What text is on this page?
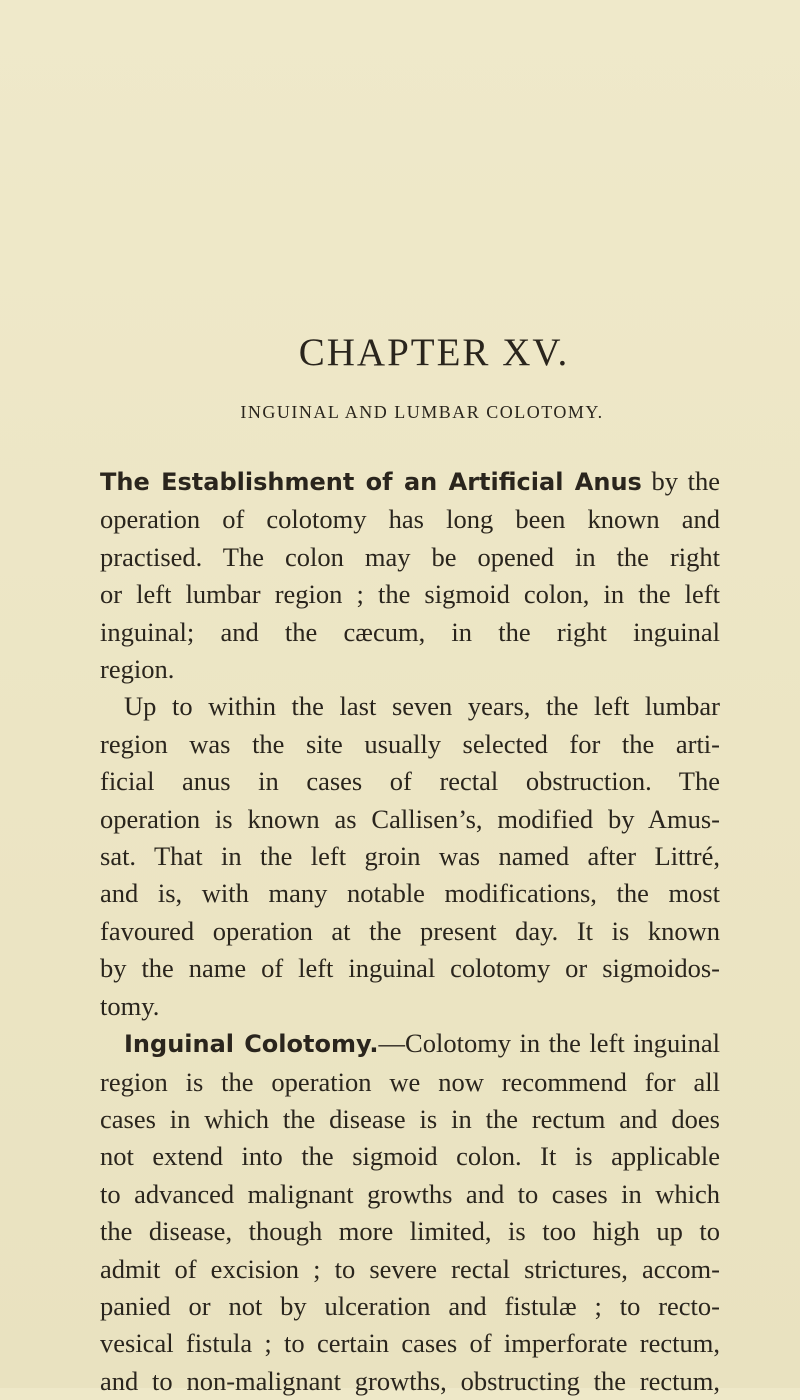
CHAPTER XV.
INGUINAL AND LUMBAR COLOTOMY.
The Establishment of an Artificial Anus by the
operation of colotomy has long been known and
practised. The colon may be opened in the right
or left lumbar region ; the sigmoid colon, in the left
inguinal; and the cæcum, in the right inguinal
region.
Up to within the last seven years, the left lumbar
region was the site usually selected for the arti-
ficial anus in cases of rectal obstruction. The
operation is known as Callisen’s, modified by Amus-
sat. That in the left groin was named after Littré,
and is, with many notable modifications, the most
favoured operation at the present day. It is known
by the name of left inguinal colotomy or sigmoidos-
tomy.
Inguinal Colotomy.—Colotomy in the left inguinal
region is the operation we now recommend for all
cases in which the disease is in the rectum and does
not extend into the sigmoid colon. It is applicable
to advanced malignant growths and to cases in which
the disease, though more limited, is too high up to
admit of excision ; to severe rectal strictures, accom-
panied or not by ulceration and fistulæ ; to recto-
vesical fistula ; to certain cases of imperforate rectum,
and to non-malignant growths, obstructing the rectum,
